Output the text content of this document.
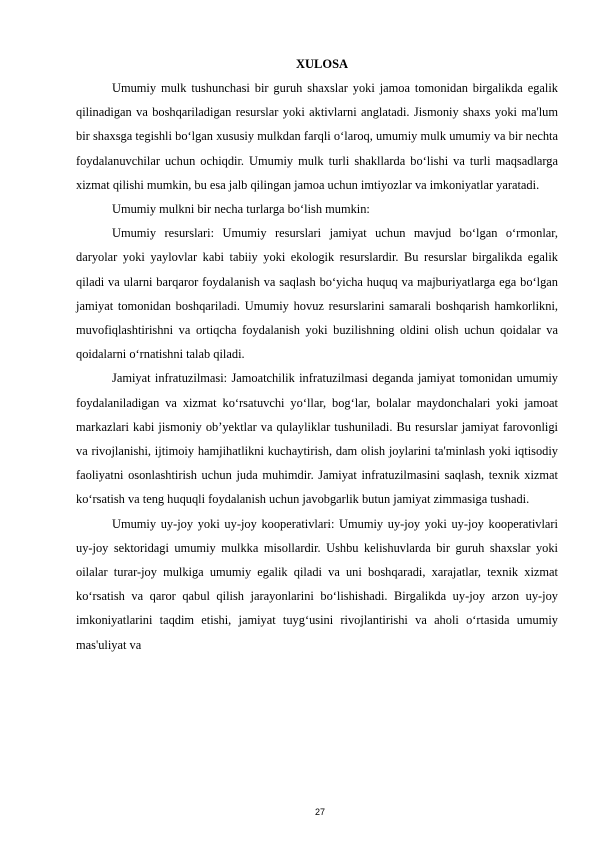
XULOSA

Umumiy mulk tushunchasi bir guruh shaxslar yoki jamoa tomonidan birgalikda egalik qilinadigan va boshqariladigan resurslar yoki aktivlarni anglatadi. Jismoniy shaxs yoki ma'lum bir shaxsga tegishli bo‘lgan xususiy mulkdan farqli o‘laroq, umumiy mulk umumiy va bir nechta foydalanuvchilar uchun ochiqdir. Umumiy mulk turli shakllarda bo‘lishi va turli maqsadlarga xizmat qilishi mumkin, bu esa jalb qilingan jamoa uchun imtiyozlar va imkoniyatlar yaratadi.

Umumiy mulkni bir necha turlarga bo‘lish mumkin:

Umumiy resurslari: Umumiy resurslari jamiyat uchun mavjud bo‘lgan o‘rmonlar, daryolar yoki yaylovlar kabi tabiiy yoki ekologik resurslardir. Bu resurslar birgalikda egalik qiladi va ularni barqaror foydalanish va saqlash bo‘yicha huquq va majburiyatlarga ega bo‘lgan jamiyat tomonidan boshqariladi. Umumiy hovuz resurslarini samarali boshqarish hamkorlikni, muvofiqlashtirishni va ortiqcha foydalanish yoki buzilishning oldini olish uchun qoidalar va qoidalarni o‘rnatishni talab qiladi.

Jamiyat infratuzilmasi: Jamoatchilik infratuzilmasi deganda jamiyat tomonidan umumiy foydalaniladigan va xizmat ko‘rsatuvchi yo‘llar, bog‘lar, bolalar maydonchalari yoki jamoat markazlari kabi jismoniy ob’yektlar va qulayliklar tushuniladi. Bu resurslar jamiyat farovonligi va rivojlanishi, ijtimoiy hamjihatlikni kuchaytirish, dam olish joylarini ta'minlash yoki iqtisodiy faoliyatni osonlashtirish uchun juda muhimdir. Jamiyat infratuzilmasini saqlash, texnik xizmat ko‘rsatish va teng huquqli foydalanish uchun javobgarlik butun jamiyat zimmasiga tushadi.

Umumiy uy-joy yoki uy-joy kooperativlari: Umumiy uy-joy yoki uy-joy kooperativlari uy-joy sektoridagi umumiy mulkka misollardir. Ushbu kelishuvlarda bir guruh shaxslar yoki oilalar turar-joy mulkiga umumiy egalik qiladi va uni boshqaradi, xarajatlar, texnik xizmat ko‘rsatish va qaror qabul qilish jarayonlarini bo‘lishishadi. Birgalikda uy-joy arzon uy-joy imkoniyatlarini taqdim etishi, jamiyat tuyg‘usini rivojlantirishi va aholi o‘rtasida umumiy mas'uliyat va

27
